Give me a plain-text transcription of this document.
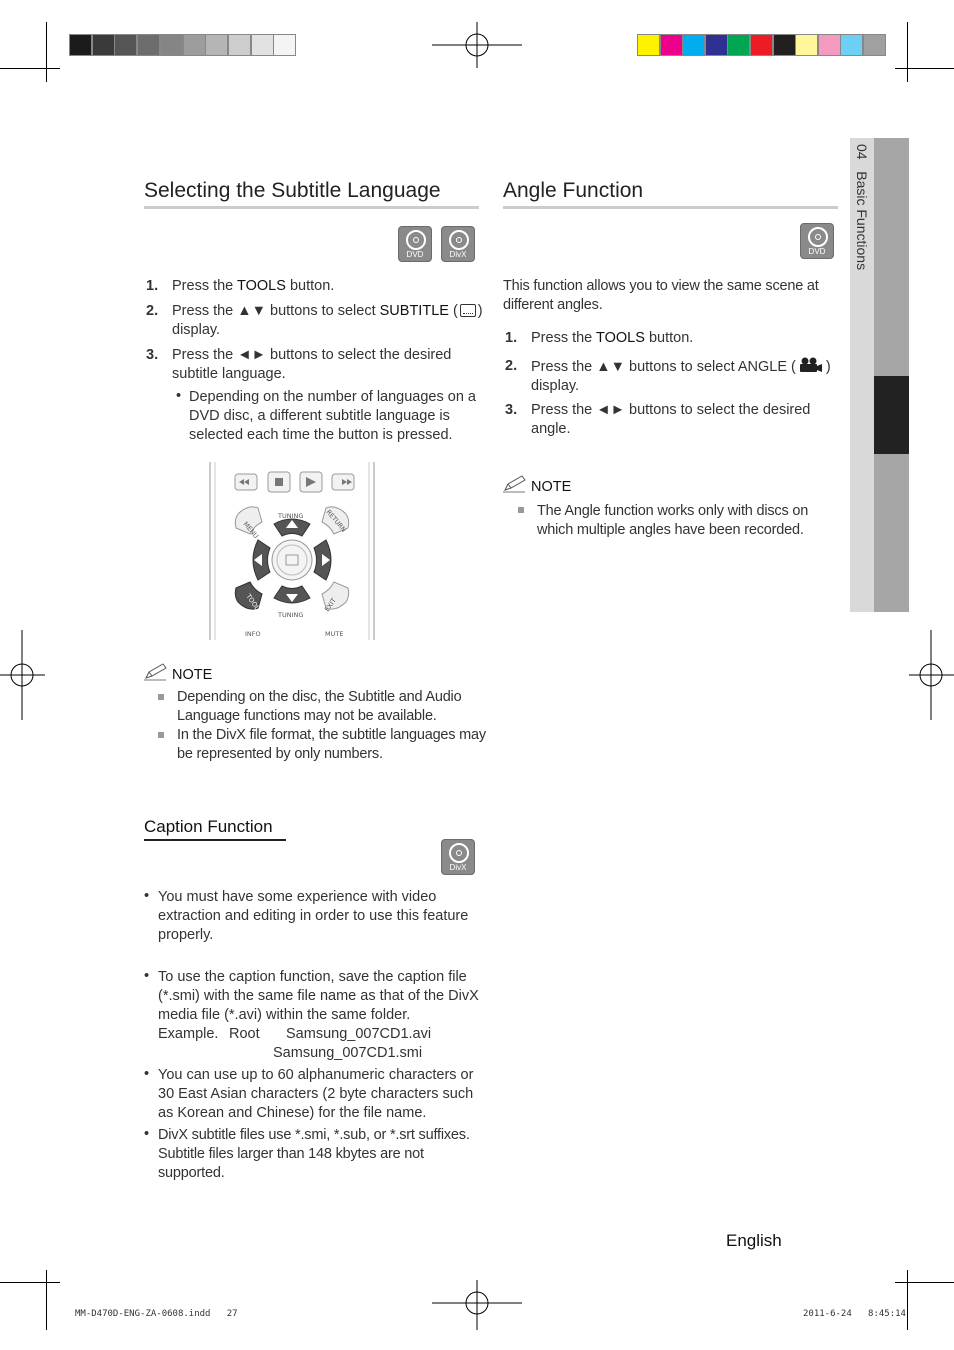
04   Basic Functions
Selecting the Subtitle Language
DVD	DivX
1. Press the TOOLS button.
2. Press the ▲▼ buttons to select SUBTITLE ( )
display.
3. Press the ◄► buttons to select the desired
subtitle language.
• Depending on the number of languages on a
DVD disc, a different subtitle language is
selected each time the button is pressed.
MENU	RETURN
TOOLS	EXIT
TUNING
TUNING
INFO	MUTE
NOTE
Depending on the disc, the Subtitle and Audio
Language functions may not be available.
In the DivX file format, the subtitle languages may
be represented by only numbers.
Caption Function
DivX
• You must have some experience with video
extraction and editing in order to use this feature
properly.
• To use the caption function, save the caption file
(*.smi) with the same file name as that of the DivX
media file (*.avi) within the same folder.
Example. Root Samsung_007CD1.avi
Samsung_007CD1.smi
• You can use up to 60 alphanumeric characters or
30 East Asian characters (2 byte characters such
as Korean and Chinese) for the file name.
• DivX subtitle files use *.smi, *.sub, or *.srt suffixes.
Subtitle files larger than 148 kbytes are not
supported.
Angle Function
DVD
This function allows you to view the same scene at
different angles.
1. Press the TOOLS button.
2. Press the ▲▼ buttons to select ANGLE ( )
display.
3. Press the ◄► buttons to select the desired
angle.
NOTE
The Angle function works only with discs on
which multiple angles have been recorded.
English
MM-D470D-ENG-ZA-0608.indd   27	2011-6-24   8:45:14
